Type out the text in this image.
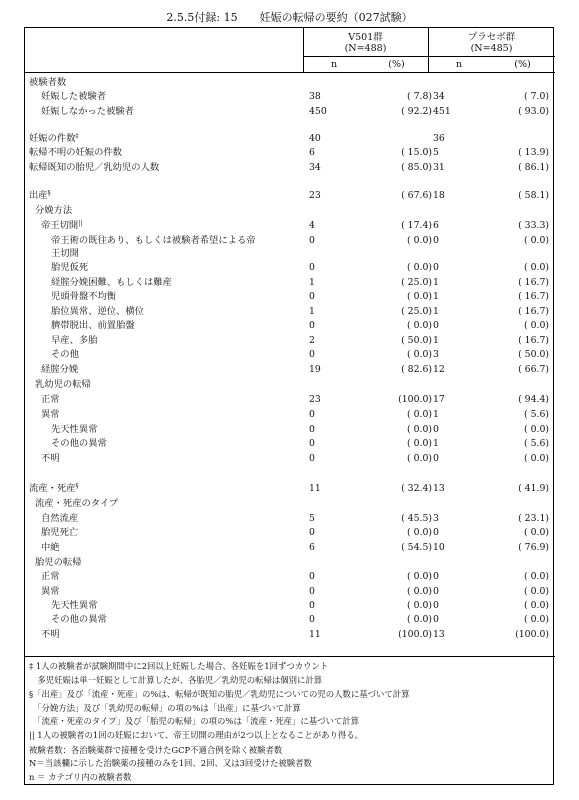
2.5.5付録: 15　　妊娠の転帰の要約（027試験）
V501群
(N=488)
プラセボ群
(N=485)
n	(%)	n	(%)
被験者数
妊娠した被験者	38	( 7.8) 34	( 7.0)
妊娠しなかった被験者	450	( 92.2) 451	( 93.0)
妊娠の件数‡	40	36
転帰不明の妊娠の件数	6	( 15.0) 5	( 13.9)
転帰既知の胎児／乳幼児の人数	34	( 85.0) 31	( 86.1)
出産§	23	( 67.6) 18	( 58.1)
分娩方法
帝王切開||	4	( 17.4) 6	( 33.3)
帝王術の既往あり、もしくは被験者希望による帝	0	( 0.0) 0	( 0.0)
王切開
胎児仮死	0	( 0.0) 0	( 0.0)
経腟分娩困難、もしくは難産	1	( 25.0) 1	( 16.7)
児頭骨盤不均衡	0	( 0.0) 1	( 16.7)
胎位異常、逆位、横位	1	( 25.0) 1	( 16.7)
臍帯脱出、前置胎盤	0	( 0.0) 0	( 0.0)
早産、多胎	2	( 50.0) 1	( 16.7)
その他	0	( 0.0) 3	( 50.0)
経腟分娩	19	( 82.6) 12	( 66.7)
乳幼児の転帰
正常	23	(100.0) 17	( 94.4)
異常	0	( 0.0) 1	( 5.6)
先天性異常	0	( 0.0) 0	( 0.0)
その他の異常	0	( 0.0) 1	( 5.6)
不明	0	( 0.0) 0	( 0.0)
流産・死産§	11	( 32.4) 13	( 41.9)
流産・死産のタイプ
自然流産	5	( 45.5) 3	( 23.1)
胎児死亡	0	( 0.0) 0	( 0.0)
中絶	6	( 54.5) 10	( 76.9)
胎児の転帰
正常	0	( 0.0) 0	( 0.0)
異常	0	( 0.0) 0	( 0.0)
先天性異常	0	( 0.0) 0	( 0.0)
その他の異常	0	( 0.0) 0	( 0.0)
不明	11	(100.0) 13	(100.0)
‡ 1人の被験者が試験期間中に2回以上妊娠した場合、各妊娠を1回ずつカウント
　多児妊娠は単一妊娠として計算したが、各胎児／乳幼児の転帰は個別に計算
§「出産」及び「流産・死産」の%は、転帰が既知の胎児／乳幼児についての児の人数に基づいて計算
　「分娩方法」及び「乳幼児の転帰」の項の%は「出産」に基づいて計算
　「流産・死産のタイプ」及び「胎児の転帰」の項の%は「流産・死産」に基づいて計算
|| 1人の被験者の1回の妊娠において、帝王切開の理由が2つ以上となることがあり得る。
被験者数：各治験薬群で接種を受けたGCP不適合例を除く被験者数
N＝当該欄に示した治験薬の接種のみを1回、2回、又は3回受けた被験者数
n ＝ カテゴリ内の被験者数
